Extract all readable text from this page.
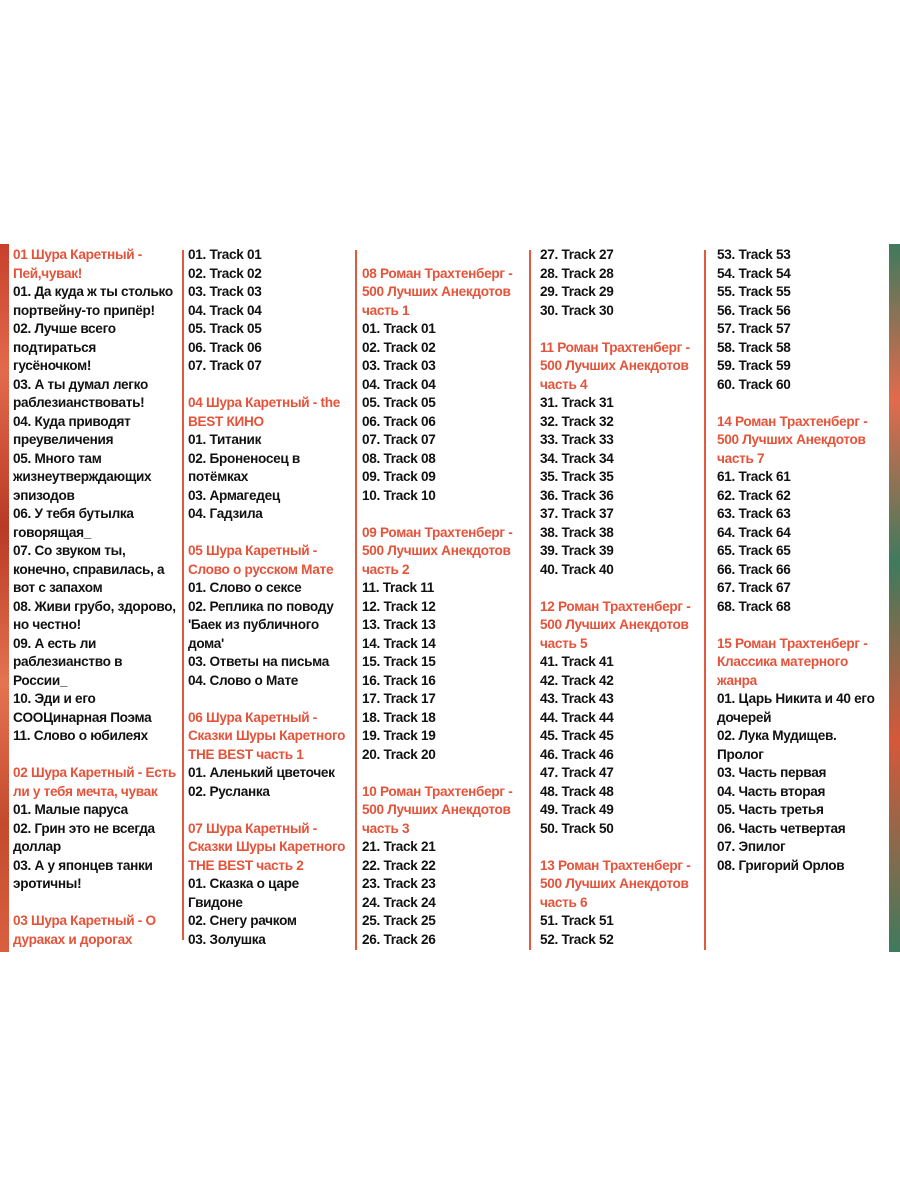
01 Шура Каретный -
Пей,чувак!
01. Да куда ж ты столько
портвейну-то припёр!
02. Лучше всего
подтираться
гусёночком!
03. А ты думал легко
раблезианствовать!
04. Куда приводят
преувеличения
05. Много там
жизнеутверждающих
эпизодов
06. У тебя бутылка
говорящая_
07. Со звуком ты,
конечно, справилась, а
вот с запахом
08. Живи грубо, здорово,
но честно!
09. А есть ли
раблезианство в
России_
10. Эди и его
COOЦинарная Поэма
11. Слово о юбилеях
02 Шура Каретный - Есть
ли у тебя мечта, чувак
01. Малые паруса
02. Грин это не всегда
доллар
03. А у японцев танки
эротичны!
03 Шура Каретный - О
дураках и дорогах
01. Track 01
02. Track 02
03. Track 03
04. Track 04
05. Track 05
06. Track 06
07. Track 07
04 Шура Каретный - the
BEST КИНО
01. Титаник
02. Броненосец в
потёмках
03. Армагедец
04. Гадзила
05 Шура Каретный -
Слово о русском Мате
01. Слово о сексе
02. Реплика по поводу
'Баек из публичного
дома'
03. Ответы на письма
04. Слово о Мате
06 Шура Каретный -
Сказки Шуры Каретного
THE BEST часть 1
01. Аленький цветочек
02. Русланка
07 Шура Каретный -
Сказки Шуры Каретного
THE BEST часть 2
01. Сказка о царе
Гвидоне
02. Снегу рачком
03. Золушка
08 Роман Трахтенберг -
500 Лучших Анекдотов
часть 1
01. Track 01
02. Track 02
03. Track 03
04. Track 04
05. Track 05
06. Track 06
07. Track 07
08. Track 08
09. Track 09
10. Track 10
09 Роман Трахтенберг -
500 Лучших Анекдотов
часть 2
11. Track 11
12. Track 12
13. Track 13
14. Track 14
15. Track 15
16. Track 16
17. Track 17
18. Track 18
19. Track 19
20. Track 20
10 Роман Трахтенберг -
500 Лучших Анекдотов
часть 3
21. Track 21
22. Track 22
23. Track 23
24. Track 24
25. Track 25
26. Track 26
27. Track 27
28. Track 28
29. Track 29
30. Track 30
11 Роман Трахтенберг -
500 Лучших Анекдотов
часть 4
31. Track 31
32. Track 32
33. Track 33
34. Track 34
35. Track 35
36. Track 36
37. Track 37
38. Track 38
39. Track 39
40. Track 40
12 Роман Трахтенберг -
500 Лучших Анекдотов
часть 5
41. Track 41
42. Track 42
43. Track 43
44. Track 44
45. Track 45
46. Track 46
47. Track 47
48. Track 48
49. Track 49
50. Track 50
13 Роман Трахтенберг -
500 Лучших Анекдотов
часть 6
51. Track 51
52. Track 52
53. Track 53
54. Track 54
55. Track 55
56. Track 56
57. Track 57
58. Track 58
59. Track 59
60. Track 60
14 Роман Трахтенберг -
500 Лучших Анекдотов
часть 7
61. Track 61
62. Track 62
63. Track 63
64. Track 64
65. Track 65
66. Track 66
67. Track 67
68. Track 68
15 Роман Трахтенберг -
Классика матерного
жанра
01. Царь Никита и 40 его
дочерей
02. Лука Мудищев.
Пролог
03. Часть первая
04. Часть вторая
05. Часть третья
06. Часть четвертая
07. Эпилог
08. Григорий Орлов
